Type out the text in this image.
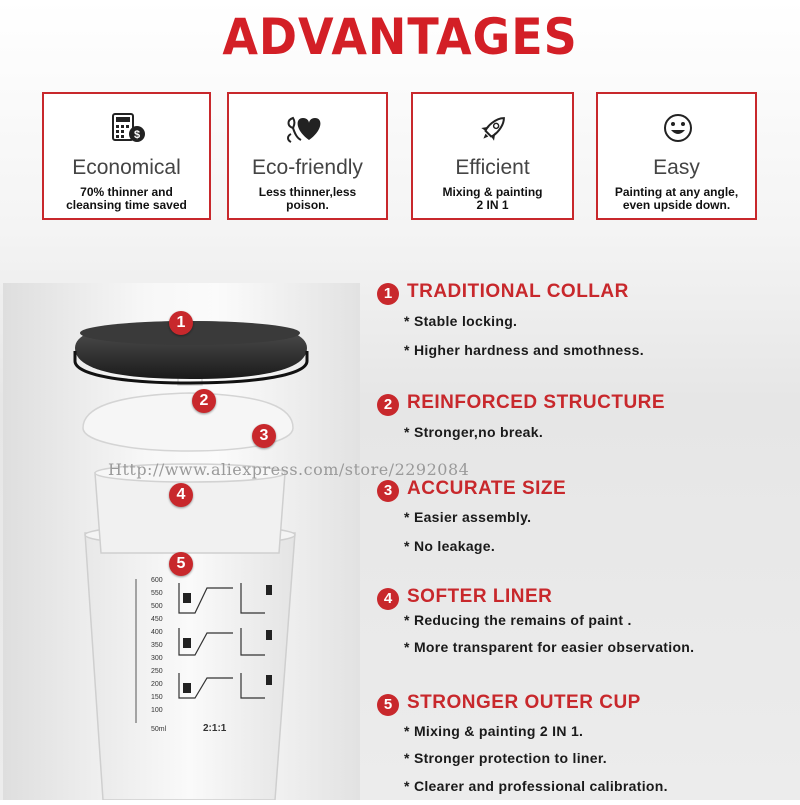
ADVANTAGES
$
Economical
70% thinner and
cleansing time saved
Eco-friendly
Less thinner,less
poison.
Efficient
Mixing & painting
2 IN 1
Easy
Painting at any angle,
even upside down.
600
550
500
450
400
350
300
250
200
150
100
50ml	2:1:1
1
2
3
4
5
Http://www.aliexpress.com/store/2292084
1 TRADITIONAL COLLAR
* Stable locking.
* Higher hardness and smothness.
2 REINFORCED STRUCTURE
* Stronger,no break.
3 ACCURATE SIZE
* Easier assembly.
* No leakage.
4 SOFTER LINER
* Reducing the remains of paint .
* More transparent for easier observation.
5 STRONGER OUTER CUP
* Mixing & painting 2 IN 1.
* Stronger protection to liner.
* Clearer and professional calibration.
